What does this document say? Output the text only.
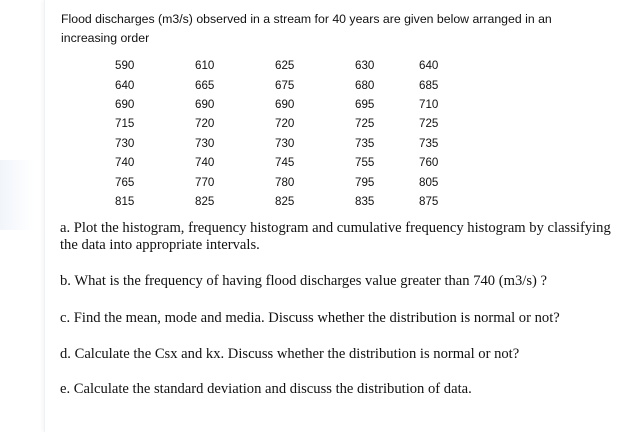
Flood discharges (m3/s) observed in a stream for 40 years are given below arranged in an increasing order
590	610	625	630	640
640	665	675	680	685
690	690	690	695	710
715	720	720	725	725
730	730	730	735	735
740	740	745	755	760
765	770	780	795	805
815	825	825	835	875
a. Plot the histogram, frequency histogram and cumulative frequency histogram by classifying the data into appropriate intervals.
b. What is the frequency of having flood discharges value greater than 740 (m3/s) ?
c. Find the mean, mode and media. Discuss whether the distribution is normal or not?
d. Calculate the Csx and kx. Discuss whether the distribution is normal or not?
e. Calculate the standard deviation and discuss the distribution of data.
